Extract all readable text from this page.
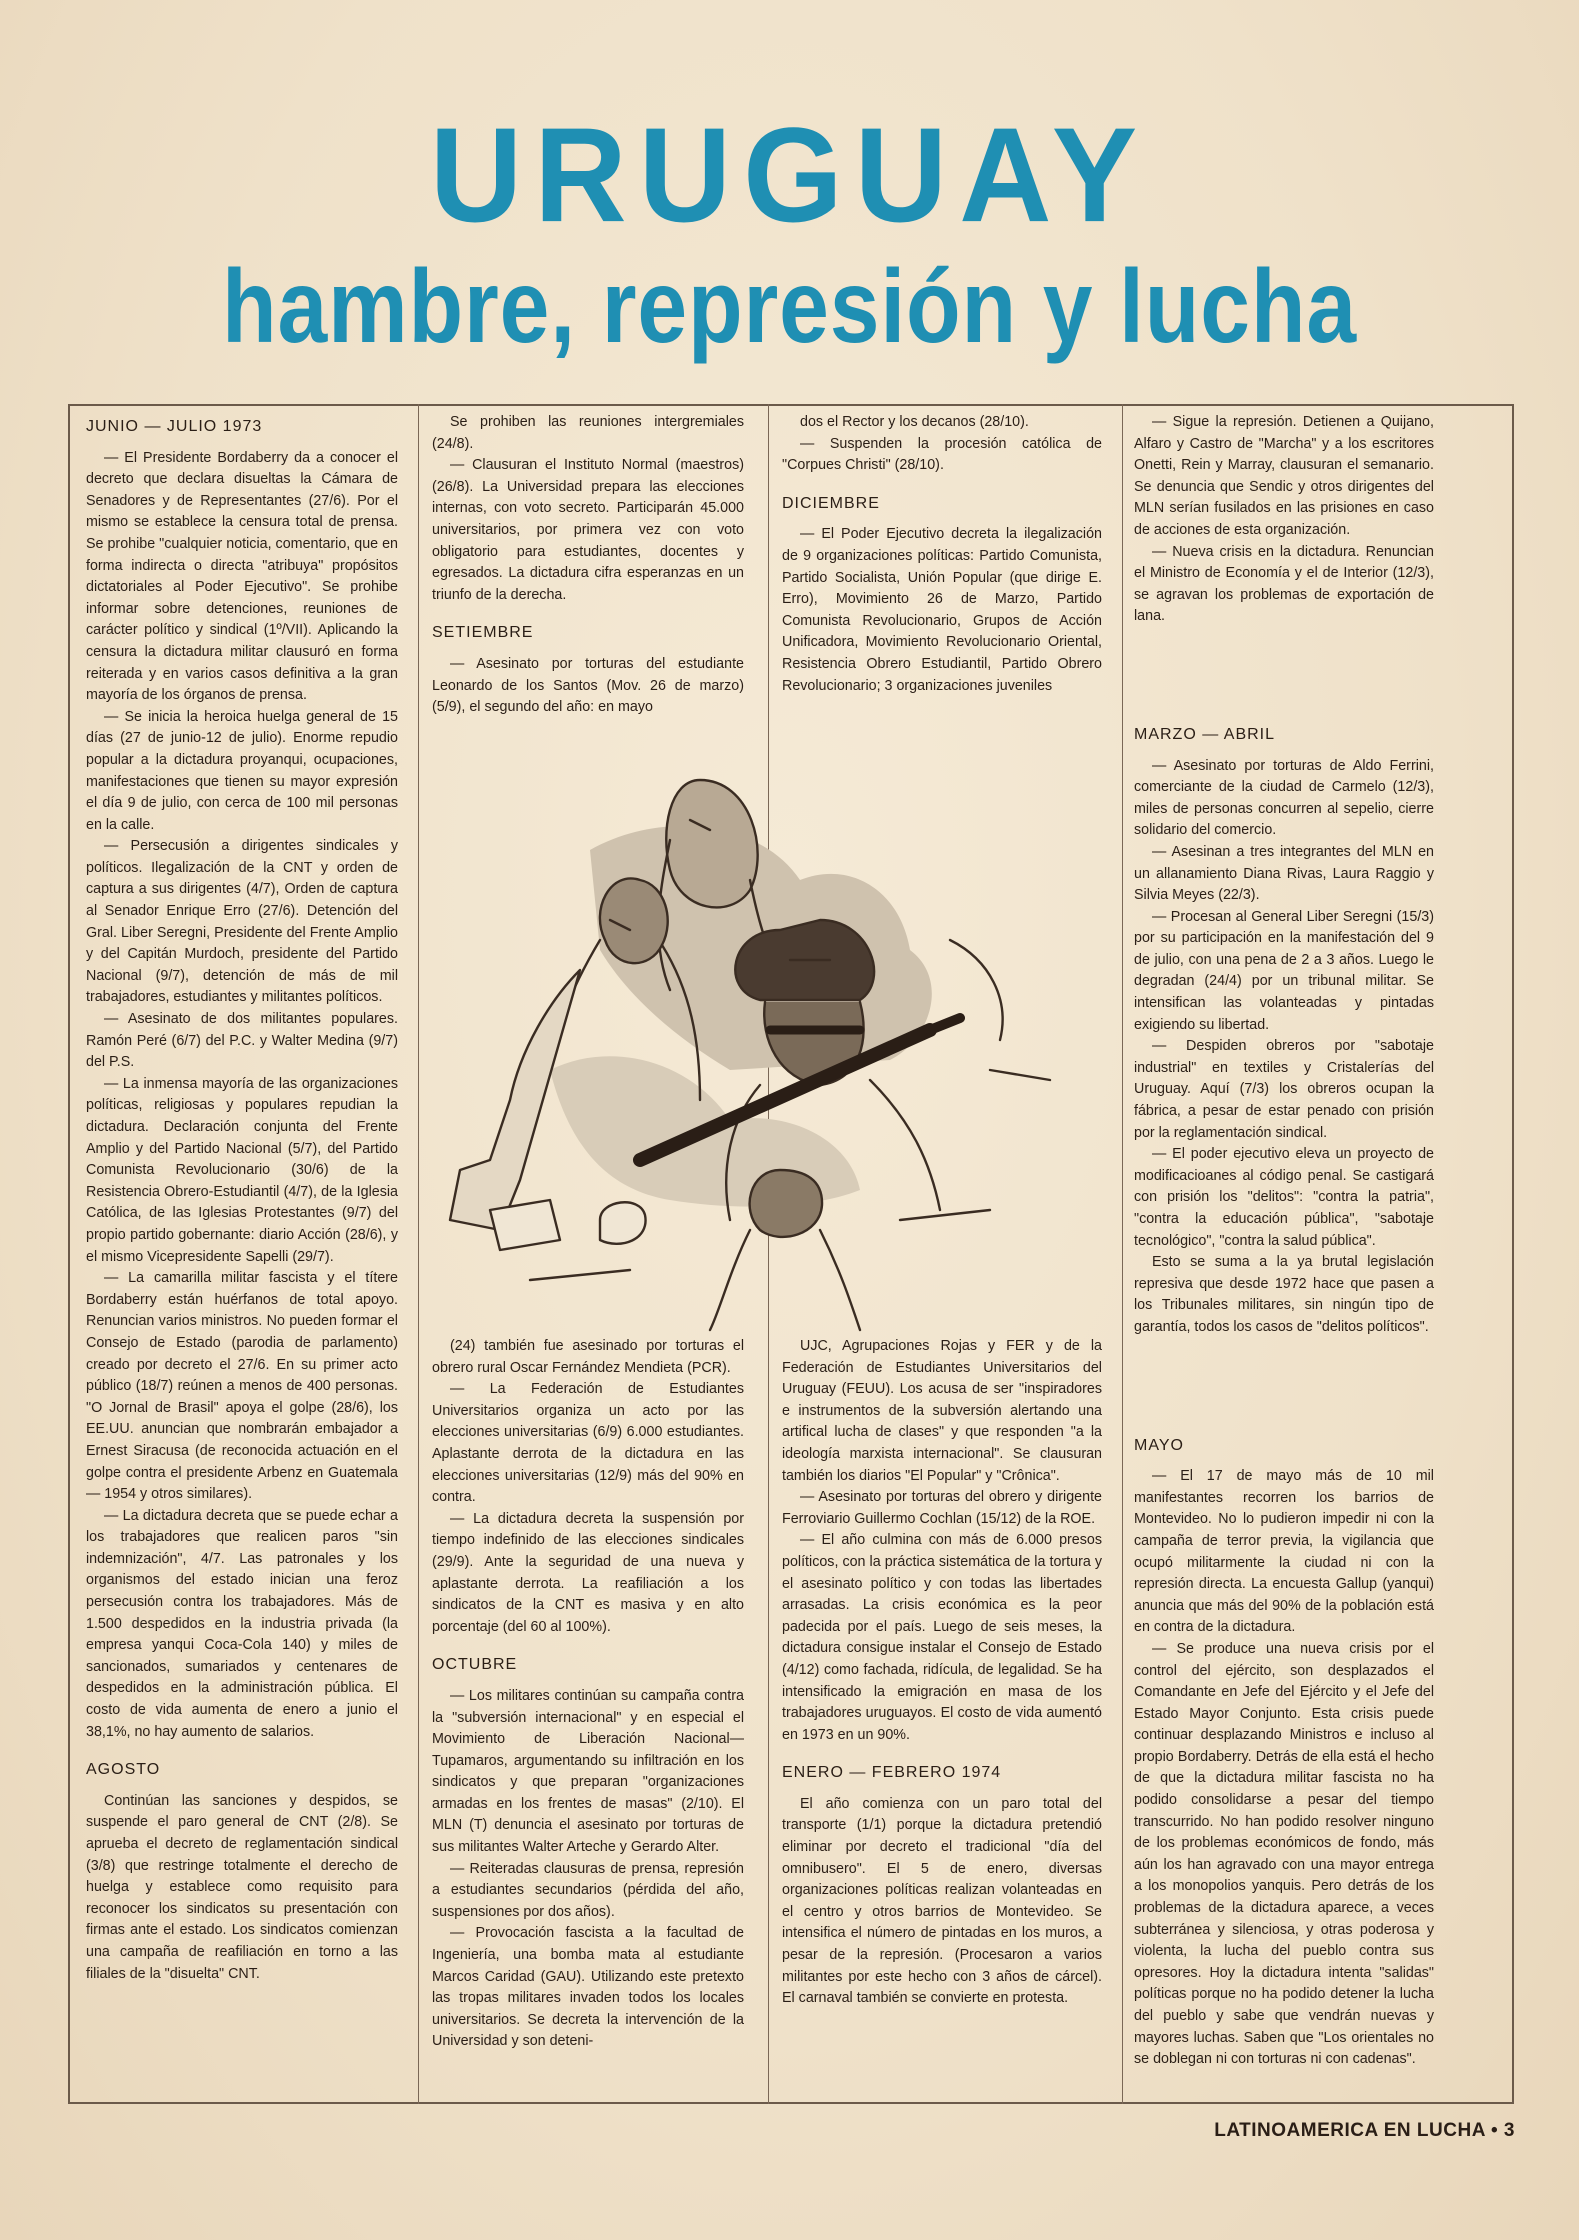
URUGUAY
hambre, represión y lucha
JUNIO — JULIO 1973

— El Presidente Bordaberry da a conocer el decreto que declara disueltas la Cámara de Senadores y de Representantes (27/6). Por el mismo se establece la censura total de prensa. Se prohibe "cualquier noticia, comentario, que en forma indirecta o directa "atribuya" propósitos dictatoriales al Poder Ejecutivo". Se prohibe informar sobre detenciones, reuniones de carácter político y sindical (1º/VII). Aplicando la censura la dictadura militar clausuró en forma reiterada y en varios casos definitiva a la gran mayoría de los órganos de prensa.

— Se inicia la heroica huelga general de 15 días (27 de junio-12 de julio). Enorme repudio popular a la dictadura proyanqui, ocupaciones, manifestaciones que tienen su mayor expresión el día 9 de julio, con cerca de 100 mil personas en la calle.

— Persecusión a dirigentes sindicales y políticos. Ilegalización de la CNT y orden de captura a sus dirigentes (4/7), Orden de captura al Senador Enrique Erro (27/6). Detención del Gral. Liber Seregni, Presidente del Frente Amplio y del Capitán Murdoch, presidente del Partido Nacional (9/7), detención de más de mil trabajadores, estudiantes y militantes políticos.

— Asesinato de dos militantes populares. Ramón Peré (6/7) del P.C. y Walter Medina (9/7) del P.S.

— La inmensa mayoría de las organizaciones políticas, religiosas y populares repudian la dictadura. Declaración conjunta del Frente Amplio y del Partido Nacional (5/7), del Partido Comunista Revolucionario (30/6) de la Resistencia Obrero-Estudiantil (4/7), de la Iglesia Católica, de las Iglesias Protestantes (9/7) del propio partido gobernante: diario Acción (28/6), y el mismo Vicepresidente Sapelli (29/7).

— La camarilla militar fascista y el títere Bordaberry están huérfanos de total apoyo. Renuncian varios ministros. No pueden formar el Consejo de Estado (parodia de parlamento) creado por decreto el 27/6. En su primer acto público (18/7) reúnen a menos de 400 personas. "O Jornal de Brasil" apoya el golpe (28/6), los EE.UU. anuncian que nombrarán embajador a Ernest Siracusa (de reconocida actuación en el golpe contra el presidente Arbenz en Guatemala — 1954 y otros similares).

— La dictadura decreta que se puede echar a los trabajadores que realicen paros "sin indemnización", 4/7. Las patronales y los organismos del estado inician una feroz persecusión contra los trabajadores. Más de 1.500 despedidos en la industria privada (la empresa yanqui Coca-Cola 140) y miles de sancionados, sumariados y centenares de despedidos en la administración pública. El costo de vida aumenta de enero a junio el 38,1%, no hay aumento de salarios.

AGOSTO

Continúan las sanciones y despidos, se suspende el paro general de CNT (2/8). Se aprueba el decreto de reglamentación sindical (3/8) que restringe totalmente el derecho de huelga y establece como requisito para reconocer los sindicatos su presentación con firmas ante el estado. Los sindicatos comienzan una campaña de reafiliación en torno a las filiales de la "disuelta" CNT.

Se prohiben las reuniones intergremiales (24/8).

— Clausuran el Instituto Normal (maestros) (26/8). La Universidad prepara las elecciones internas, con voto secreto. Participarán 45.000 universitarios, por primera vez con voto obligatorio para estudiantes, docentes y egresados. La dictadura cifra esperanzas en un triunfo de la derecha.

SETIEMBRE

— Asesinato por torturas del estudiante Leonardo de los Santos (Mov. 26 de marzo) (5/9), el segundo del año: en mayo

dos el Rector y los decanos (28/10).

— Suspenden la procesión católica de "Corpues Christi" (28/10).

DICIEMBRE

— El Poder Ejecutivo decreta la ilegalización de 9 organizaciones políticas: Partido Comunista, Partido Socialista, Unión Popular (que dirige E. Erro), Movimiento 26 de Marzo, Partido Comunista Revolucionario, Grupos de Acción Unificadora, Movimiento Revolucionario Oriental, Resistencia Obrero Estudiantil, Partido Obrero Revolucionario; 3 organizaciones juveniles

— Sigue la represión. Detienen a Quijano, Alfaro y Castro de "Marcha" y a los escritores Onetti, Rein y Marray, clausuran el semanario. Se denuncia que Sendic y otros dirigentes del MLN serían fusilados en las prisiones en caso de acciones de esta organización.

— Nueva crisis en la dictadura. Renuncian el Ministro de Economía y el de Interior (12/3), se agravan los problemas de exportación de lana.

MARZO — ABRIL

— Asesinato por torturas de Aldo Ferrini, comerciante de la ciudad de Carmelo (12/3), miles de personas concurren al sepelio, cierre solidario del comercio.

— Asesinan a tres integrantes del MLN en un allanamiento Diana Rivas, Laura Raggio y Silvia Meyes (22/3).

— Procesan al General Liber Seregni (15/3) por su participación en la manifestación del 9 de julio, con una pena de 2 a 3 años. Luego le degradan (24/4) por un tribunal militar. Se intensifican las volanteadas y pintadas exigiendo su libertad.

— Despiden obreros por "sabotaje industrial" en textiles y Cristalerías del Uruguay. Aquí (7/3) los obreros ocupan la fábrica, a pesar de estar penado con prisión por la reglamentación sindical.

— El poder ejecutivo eleva un proyecto de modificacioanes al código penal. Se castigará con prisión los "delitos": "contra la patria", "contra la educación pública", "sabotaje tecnológico", "contra la salud pública".

Esto se suma a la ya brutal legislación represiva que desde 1972 hace que pasen a los Tribunales militares, sin ningún tipo de garantía, todos los casos de "delitos políticos".

MAYO

— El 17 de mayo más de 10 mil manifestantes recorren los barrios de Montevideo. No lo pudieron impedir ni con la campaña de terror previa, la vigilancia que ocupó militarmente la ciudad ni con la represión directa. La encuesta Gallup (yanqui) anuncia que más del 90% de la población está en contra de la dictadura.

— Se produce una nueva crisis por el control del ejército, son desplazados el Comandante en Jefe del Ejército y el Jefe del Estado Mayor Conjunto. Esta crisis puede continuar desplazando Ministros e incluso al propio Bordaberry. Detrás de ella está el hecho de que la dictadura militar fascista no ha podido consolidarse a pesar del tiempo transcurrido. No han podido resolver ninguno de los problemas económicos de fondo, más aún los han agravado con una mayor entrega a los monopolios yanquis. Pero detrás de los problemas de la dictadura aparece, a veces subterránea y silenciosa, y otras poderosa y violenta, la lucha del pueblo contra sus opresores. Hoy la dictadura intenta "salidas" políticas porque no ha podido detener la lucha del pueblo y sabe que vendrán nuevas y mayores luchas. Saben que "Los orientales no se doblegan ni con torturas ni con cadenas".

(24) también fue asesinado por torturas el obrero rural Oscar Fernández Mendieta (PCR).

— La Federación de Estudiantes Universitarios organiza un acto por las elecciones universitarias (6/9) 6.000 estudiantes. Aplastante derrota de la dictadura en las elecciones universitarias (12/9) más del 90% en contra.

— La dictadura decreta la suspensión por tiempo indefinido de las elecciones sindicales (29/9). Ante la seguridad de una nueva y aplastante derrota. La reafiliación a los sindicatos de la CNT es masiva y en alto porcentaje (del 60 al 100%).

OCTUBRE

— Los militares continúan su campaña contra la "subversión internacional" y en especial el Movimiento de Liberación Nacional—Tupamaros, argumentando su infiltración en los sindicatos y que preparan "organizaciones armadas en los frentes de masas" (2/10). El MLN (T) denuncia el asesinato por torturas de sus militantes Walter Arteche y Gerardo Alter.

— Reiteradas clausuras de prensa, represión a estudiantes secundarios (pérdida del año, suspensiones por dos años).

— Provocación fascista a la facultad de Ingeniería, una bomba mata al estudiante Marcos Caridad (GAU). Utilizando este pretexto las tropas militares invaden todos los locales universitarios. Se decreta la intervención de la Universidad y son deteni-

UJC, Agrupaciones Rojas y FER y de la Federación de Estudiantes Universitarios del Uruguay (FEUU). Los acusa de ser "inspiradores e instrumentos de la subversión alertando una artifical lucha de clases" y que responden "a la ideología marxista internacional". Se clausuran también los diarios "El Popular" y "Crônica".

— Asesinato por torturas del obrero y dirigente Ferroviario Guillermo Cochlan (15/12) de la ROE.

— El año culmina con más de 6.000 presos políticos, con la práctica sistemática de la tortura y el asesinato político y con todas las libertades arrasadas. La crisis económica es la peor padecida por el país. Luego de seis meses, la dictadura consigue instalar el Consejo de Estado (4/12) como fachada, ridícula, de legalidad. Se ha intensificado la emigración en masa de los trabajadores uruguayos. El costo de vida aumentó en 1973 en un 90%.

ENERO — FEBRERO 1974

El año comienza con un paro total del transporte (1/1) porque la dictadura pretendió eliminar por decreto el tradicional "día del omnibusero". El 5 de enero, diversas organizaciones políticas realizan volanteadas en el centro y otros barrios de Montevideo. Se intensifica el número de pintadas en los muros, a pesar de la represión. (Procesaron a varios militantes por este hecho con 3 años de cárcel). El carnaval también se convierte en protesta.

LATINOAMERICA EN LUCHA • 3
